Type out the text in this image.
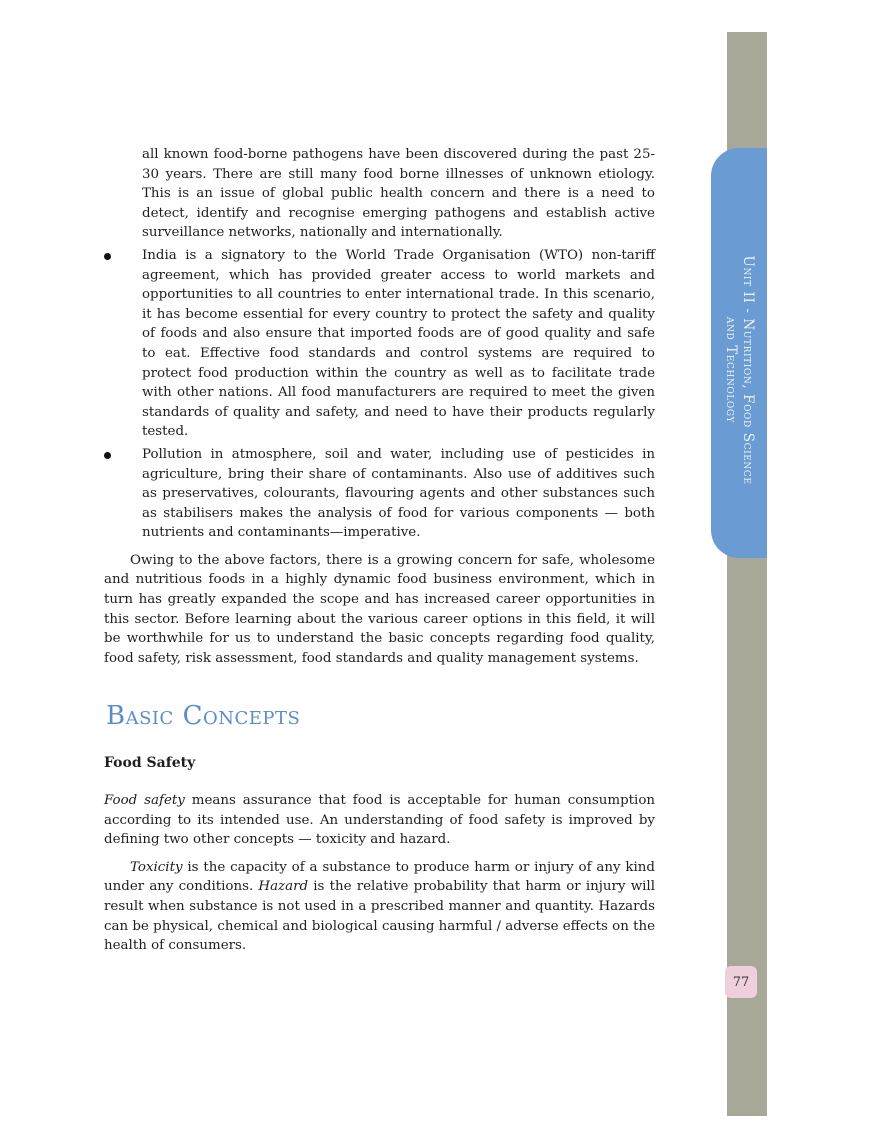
Unit II - Nutrition, Food Science
and Technology
77

all known food-borne pathogens have been discovered during the past 25-30 years. There are still many food borne illnesses of unknown etiology. This is an issue of global public health concern and there is a need to detect, identify and recognise emerging pathogens and establish active surveillance networks, nationally and internationally.

India is a signatory to the World Trade Organisation (WTO) non-tariff agreement, which has provided greater access to world markets and opportunities to all countries to enter international trade. In this scenario, it has become essential for every country to protect the safety and quality of foods and also ensure that imported foods are of good quality and safe to eat. Effective food standards and control systems are required to protect food production within the country as well as to facilitate trade with other nations. All food manufacturers are required to meet the given standards of quality and safety, and need to have their products regularly tested.
Pollution in atmosphere, soil and water, including use of pesticides in agriculture, bring their share of contaminants. Also use of additives such as preservatives, colourants, flavouring agents and other substances such as stabilisers makes the analysis of food for various components — both nutrients and contaminants—imperative.

Owing to the above factors, there is a growing concern for safe, wholesome and nutritious foods in a highly dynamic food business environment, which in turn has greatly expanded the scope and has increased career opportunities in this sector. Before learning about the various career options in this field, it will be worthwhile for us to understand the basic concepts regarding food quality, food safety, risk assessment, food standards and quality management systems.

Basic Concepts
Food Safety

Food safety means assurance that food is acceptable for human consumption according to its intended use. An understanding of food safety is improved by defining two other concepts — toxicity and hazard.

Toxicity is the capacity of a substance to produce harm or injury of any kind under any conditions. Hazard is the relative probability that harm or injury will result when substance is not used in a prescribed manner and quantity. Hazards can be physical, chemical and biological causing harmful / adverse effects on the health of consumers.
